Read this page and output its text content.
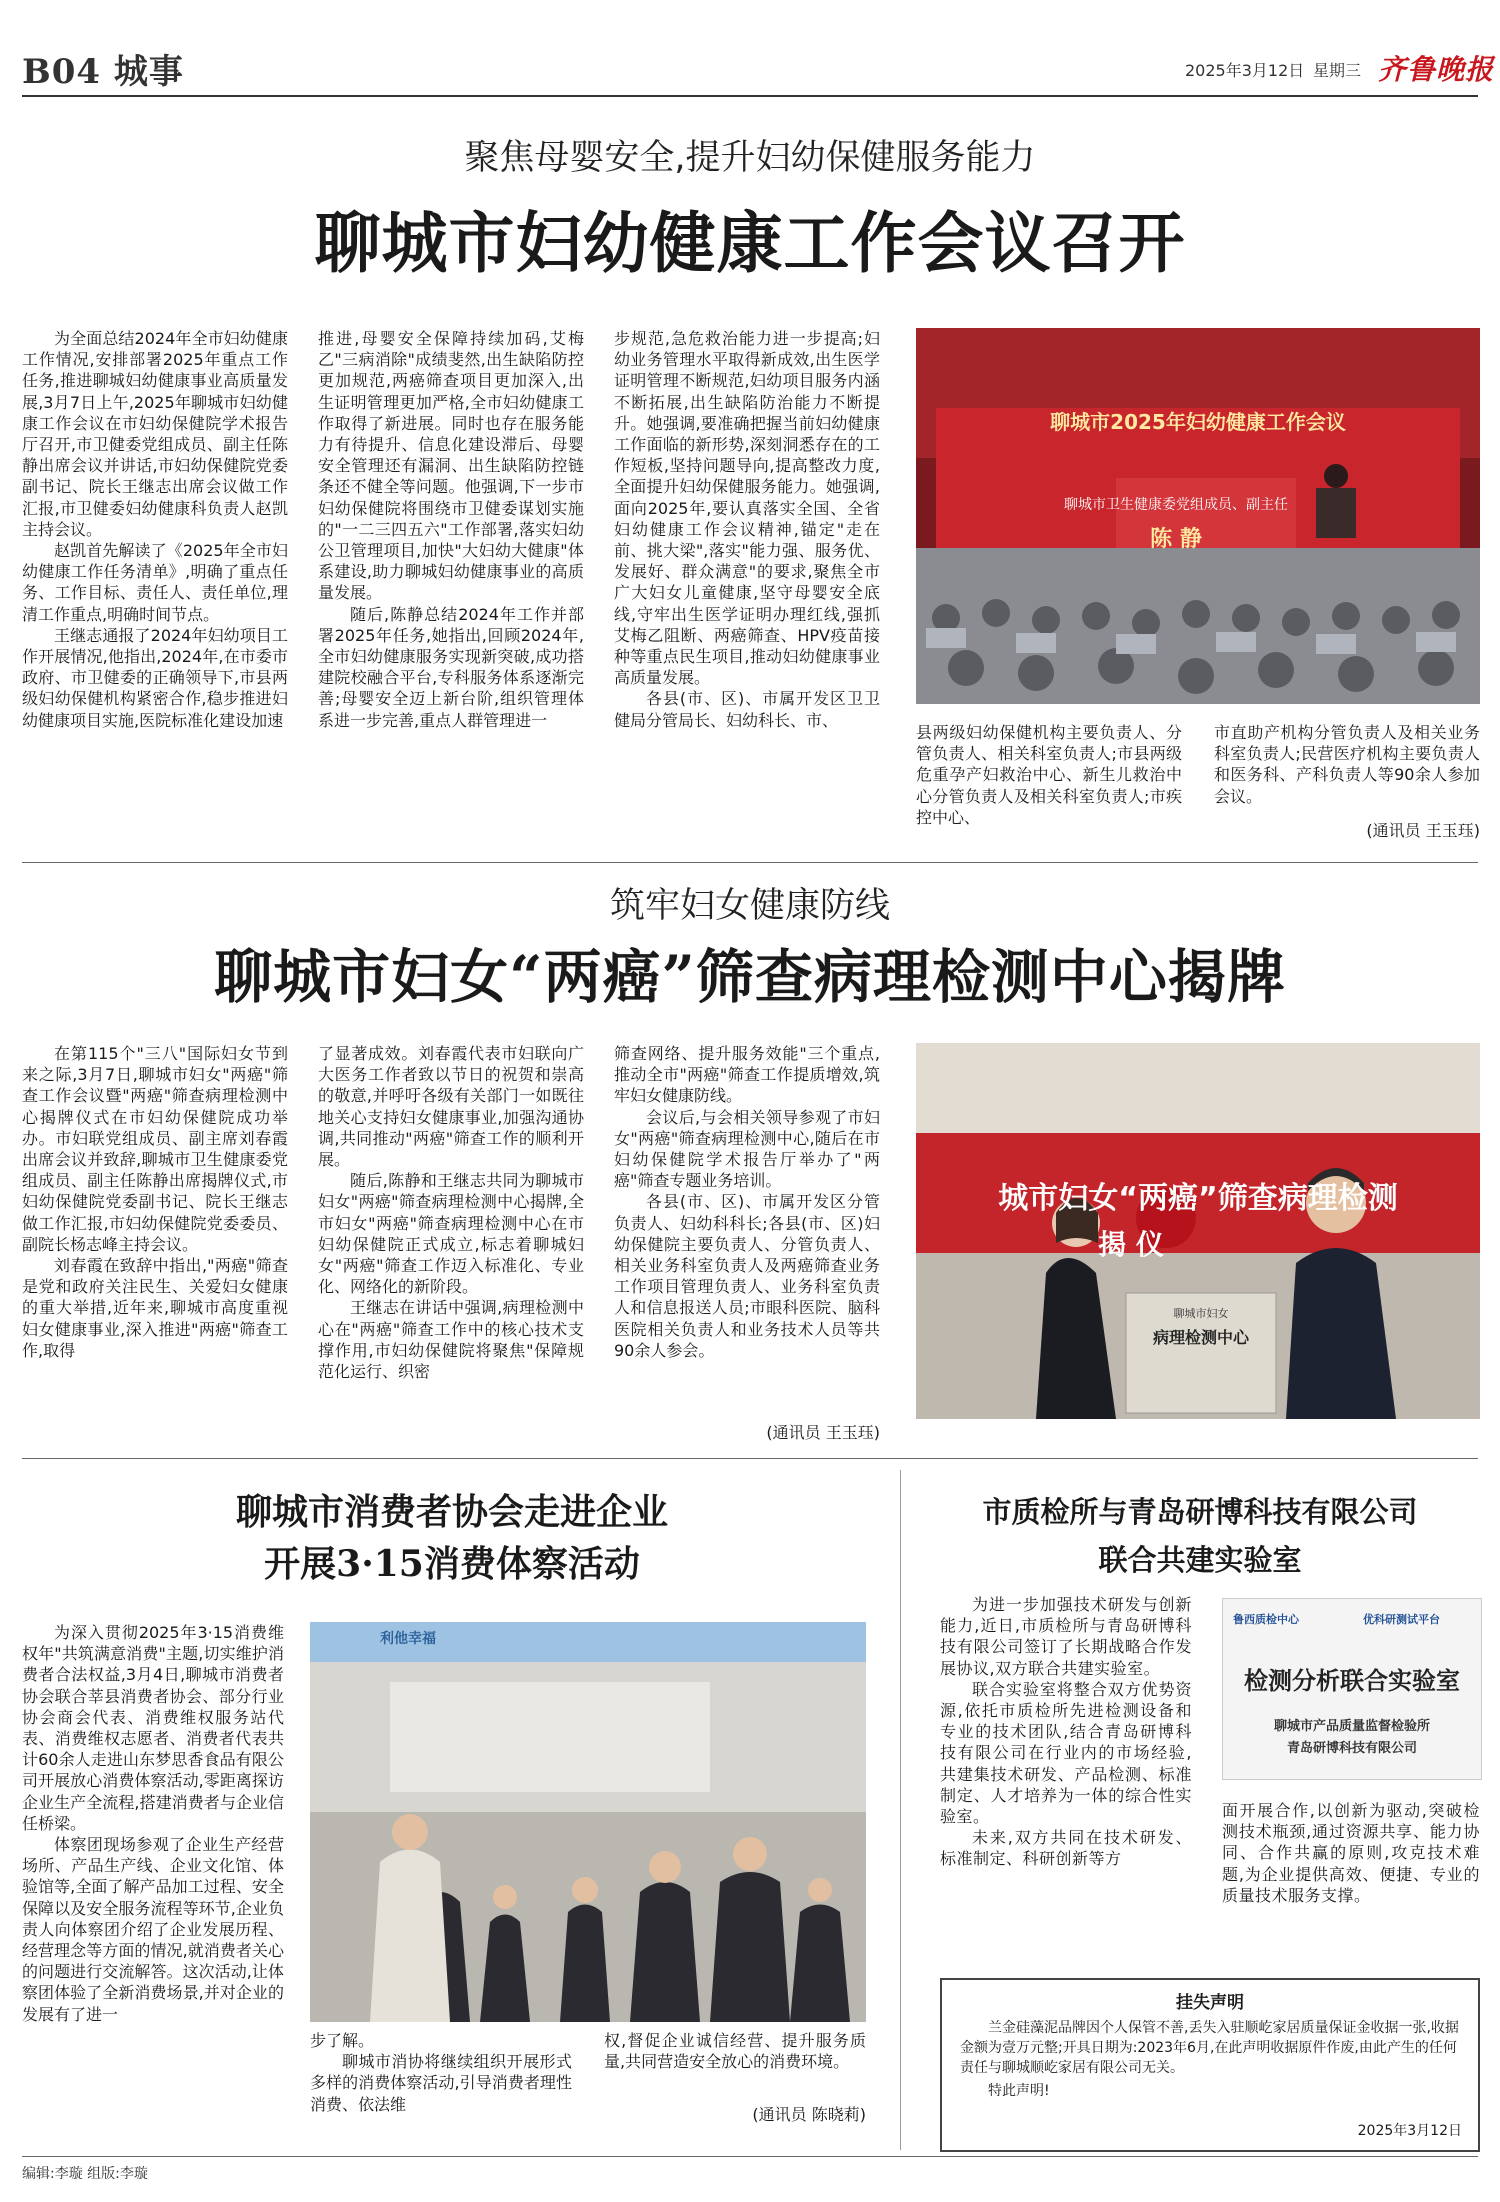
B04 城事	2025年3月12日 星期三 齐鲁晚报
聚焦母婴安全,提升妇幼保健服务能力
聊城市妇幼健康工作会议召开

为全面总结2024年全市妇幼健康工作情况,安排部署2025年重点工作任务,推进聊城妇幼健康事业高质量发展,3月7日上午,2025年聊城市妇幼健康工作会议在市妇幼保健院学术报告厅召开,市卫健委党组成员、副主任陈静出席会议并讲话,市妇幼保健院党委副书记、院长王继志出席会议做工作汇报,市卫健委妇幼健康科负责人赵凯主持会议。

赵凯首先解读了《2025年全市妇幼健康工作任务清单》,明确了重点任务、工作目标、责任人、责任单位,理清工作重点,明确时间节点。

王继志通报了2024年妇幼项目工作开展情况,他指出,2024年,在市委市政府、市卫健委的正确领导下,市县两级妇幼保健机构紧密合作,稳步推进妇幼健康项目实施,医院标准化建设加速

推进,母婴安全保障持续加码,艾梅乙"三病消除"成绩斐然,出生缺陷防控更加规范,两癌筛查项目更加深入,出生证明管理更加严格,全市妇幼健康工作取得了新进展。同时也存在服务能力有待提升、信息化建设滞后、母婴安全管理还有漏洞、出生缺陷防控链条还不健全等问题。他强调,下一步市妇幼保健院将围绕市卫健委谋划实施的"一二三四五六"工作部署,落实妇幼公卫管理项目,加快"大妇幼大健康"体系建设,助力聊城妇幼健康事业的高质量发展。

随后,陈静总结2024年工作并部署2025年任务,她指出,回顾2024年,全市妇幼健康服务实现新突破,成功搭建院校融合平台,专科服务体系逐渐完善;母婴安全迈上新台阶,组织管理体系进一步完善,重点人群管理进一

步规范,急危救治能力进一步提高;妇幼业务管理水平取得新成效,出生医学证明管理不断规范,妇幼项目服务内涵不断拓展,出生缺陷防治能力不断提升。她强调,要准确把握当前妇幼健康工作面临的新形势,深刻洞悉存在的工作短板,坚持问题导向,提高整改力度,全面提升妇幼保健服务能力。她强调,面向2025年,要认真落实全国、全省妇幼健康工作会议精神,锚定"走在前、挑大梁",落实"能力强、服务优、发展好、群众满意"的要求,聚焦全市广大妇女儿童健康,坚守母婴安全底线,守牢出生医学证明办理红线,强抓艾梅乙阻断、两癌筛查、HPV疫苗接种等重点民生项目,推动妇幼健康事业高质量发展。

各县(市、区)、市属开发区卫卫健局分管局长、妇幼科长、市、

聊城市2025年妇幼健康工作会议
聊城市卫生健康委党组成员、副主任
陈 静

县两级妇幼保健机构主要负责人、分管负责人、相关科室负责人;市县两级危重孕产妇救治中心、新生儿救治中心分管负责人及相关科室负责人;市疾控中心、

市直助产机构分管负责人及相关业务科室负责人;民营医疗机构主要负责人和医务科、产科负责人等90余人参加会议。

(通讯员 王玉珏)
筑牢妇女健康防线
聊城市妇女“两癌”筛查病理检测中心揭牌

在第115个"三八"国际妇女节到来之际,3月7日,聊城市妇女"两癌"筛查工作会议暨"两癌"筛查病理检测中心揭牌仪式在市妇幼保健院成功举办。市妇联党组成员、副主席刘春霞出席会议并致辞,聊城市卫生健康委党组成员、副主任陈静出席揭牌仪式,市妇幼保健院党委副书记、院长王继志做工作汇报,市妇幼保健院党委委员、副院长杨志峰主持会议。

刘春霞在致辞中指出,"两癌"筛查是党和政府关注民生、关爱妇女健康的重大举措,近年来,聊城市高度重视妇女健康事业,深入推进"两癌"筛查工作,取得

了显著成效。刘春霞代表市妇联向广大医务工作者致以节日的祝贺和崇高的敬意,并呼吁各级有关部门一如既往地关心支持妇女健康事业,加强沟通协调,共同推动"两癌"筛查工作的顺利开展。

随后,陈静和王继志共同为聊城市妇女"两癌"筛查病理检测中心揭牌,全市妇女"两癌"筛查病理检测中心在市妇幼保健院正式成立,标志着聊城妇女"两癌"筛查工作迈入标准化、专业化、网络化的新阶段。

王继志在讲话中强调,病理检测中心在"两癌"筛查工作中的核心技术支撑作用,市妇幼保健院将聚焦"保障规范化运行、织密

筛查网络、提升服务效能"三个重点,推动全市"两癌"筛查工作提质增效,筑牢妇女健康防线。

会议后,与会相关领导参观了市妇女"两癌"筛查病理检测中心,随后在市妇幼保健院学术报告厅举办了"两癌"筛查专题业务培训。

各县(市、区)、市属开发区分管负责人、妇幼科科长;各县(市、区)妇幼保健院主要负责人、分管负责人、相关业务科室负责人及两癌筛查业务工作项目管理负责人、业务科室负责人和信息报送人员;市眼科医院、脑科医院相关负责人和业务技术人员等共90余人参会。

(通讯员 王玉珏)
城市妇女“两癌”筛查病理检测
揭 仪
聊城市妇女
病理检测中心
聊城市消费者协会走进企业
开展3·15消费体察活动

为深入贯彻2025年3·15消费维权年"共筑满意消费"主题,切实维护消费者合法权益,3月4日,聊城市消费者协会联合莘县消费者协会、部分行业协会商会代表、消费维权服务站代表、消费维权志愿者、消费者代表共计60余人走进山东梦思香食品有限公司开展放心消费体察活动,零距离探访企业生产全流程,搭建消费者与企业信任桥梁。

体察团现场参观了企业生产经营场所、产品生产线、企业文化馆、体验馆等,全面了解产品加工过程、安全保障以及安全服务流程等环节,企业负责人向体察团介绍了企业发展历程、经营理念等方面的情况,就消费者关心的问题进行交流解答。这次活动,让体察团体验了全新消费场景,并对企业的发展有了进一

利他幸福

步了解。

聊城市消协将继续组织开展形式多样的消费体察活动,引导消费者理性消费、依法维

权,督促企业诚信经营、提升服务质量,共同营造安全放心的消费环境。

(通讯员 陈晓莉)
市质检所与青岛研博科技有限公司
联合共建实验室

为进一步加强技术研发与创新能力,近日,市质检所与青岛研博科技有限公司签订了长期战略合作发展协议,双方联合共建实验室。

联合实验室将整合双方优势资源,依托市质检所先进检测设备和专业的技术团队,结合青岛研博科技有限公司在行业内的市场经验,共建集技术研发、产品检测、标准制定、人才培养为一体的综合性实验室。

未来,双方共同在技术研发、标准制定、科研创新等方

鲁西质检中心	优科研测试平台
检测分析联合实验室
聊城市产品质量监督检验所
青岛研博科技有限公司

面开展合作,以创新为驱动,突破检测技术瓶颈,通过资源共享、能力协同、合作共赢的原则,攻克技术难题,为企业提供高效、便捷、专业的质量技术服务支撑。

挂失声明
兰金硅藻泥品牌因个人保管不善,丢失入驻顺屹家居质量保证金收据一张,收据金额为壹万元整;开具日期为:2023年6月,在此声明收据原件作废,由此产生的任何责任与聊城顺屹家居有限公司无关。
特此声明!
2025年3月12日
编辑:李璇 组版:李璇
